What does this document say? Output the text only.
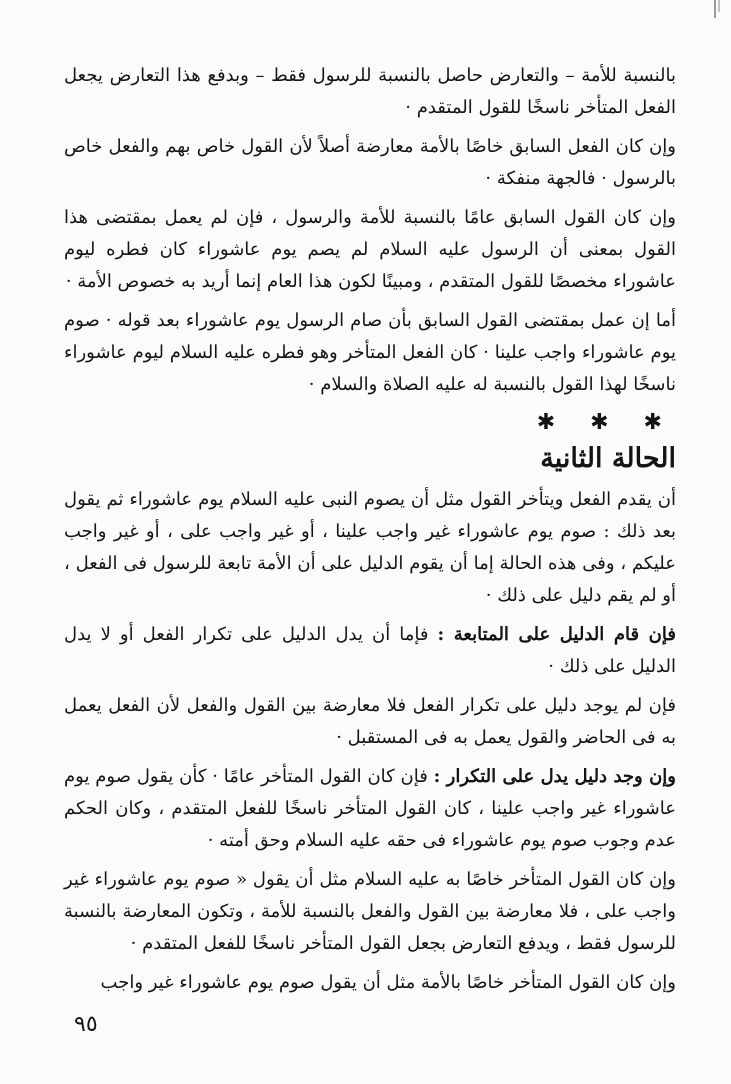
بالنسبة للأمة – والتعارض حاصل بالنسبة للرسول فقط – وبدفع هذا التعارض يجعل الفعل المتأخر ناسخًا للقول المتقدم ·

وإن كان الفعل السابق خاصًا بالأمة معارضة أصلاً لأن القول خاص بهم والفعل خاص بالرسول · فالجهة منفكة ·

وإن كان القول السابق عامًا بالنسبة للأمة والرسول ، فإن لم يعمل بمقتضى هذا القول بمعنى أن الرسول عليه السلام لم يصم يوم عاشوراء كان فطره ليوم عاشوراء مخصصًا للقول المتقدم ، ومبينًا لكون هذا العام إنما أريد به خصوص الأمة ·

أما إن عمل بمقتضى القول السابق بأن صام الرسول يوم عاشوراء بعد قوله · صوم يوم عاشوراء واجب علينا · كان الفعل المتأخر وهو فطره عليه السلام ليوم عاشوراء ناسخًا لهذا القول بالنسبة له عليه الصلاة والسلام ·

✱ ✱ ✱
الحالة الثانية

أن يقدم الفعل ويتأخر القول مثل أن يصوم النبى عليه السلام يوم عاشوراء ثم يقول بعد ذلك : صوم يوم عاشوراء غير واجب علينا ، أو غير واجب على ، أو غير واجب عليكم ، وفى هذه الحالة إما أن يقوم الدليل على أن الأمة تابعة للرسول فى الفعل ، أو لم يقم دليل على ذلك ·

فإن قام الدليل على المتابعة : فإما أن يدل الدليل على تكرار الفعل أو لا يدل الدليل على ذلك ·

فإن لم يوجد دليل على تكرار الفعل فلا معارضة بين القول والفعل لأن الفعل يعمل به فى الحاضر والقول يعمل به فى المستقبل ·

وإن وجد دليل يدل على التكرار : فإن كان القول المتأخر عامًا · كأن يقول صوم يوم عاشوراء غير واجب علينا ، كان القول المتأخر ناسخًا للفعل المتقدم ، وكان الحكم عدم وجوب صوم يوم عاشوراء فى حقه عليه السلام وحق أمته ·

وإن كان القول المتأخر خاصًا به عليه السلام مثل أن يقول « صوم يوم عاشوراء غير واجب على ، فلا معارضة بين القول والفعل بالنسبة للأمة ، وتكون المعارضة بالنسبة للرسول فقط ، ويدفع التعارض بجعل القول المتأخر ناسخًا للفعل المتقدم ·

وإن كان القول المتأخر خاصًا بالأمة مثل أن يقول صوم يوم عاشوراء غير واجب

٩٥
